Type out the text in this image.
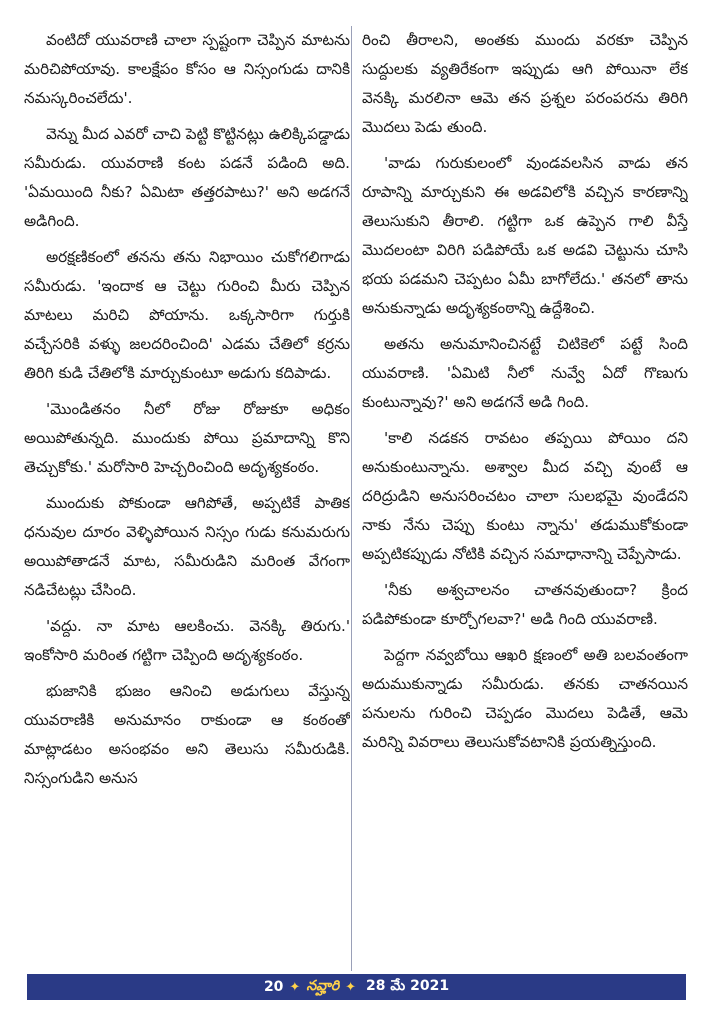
వంటిదో యువరాణి చాలా స్పష్టంగా చెప్పిన మాటను మరిచిపోయావు. కాలక్షేపం కోసం ఆ నిస్సంగుడు దానికి నమస్కరించలేదు'.

వెన్ను మీద ఎవరో చాచి పెట్టి కొట్టినట్లు ఉలిక్కిపడ్డాడు సమీరుడు. యువరాణి కంట పడనే పడింది అది. 'ఏమయింది నీకు? ఏమిటా తత్తరపాటు?' అని అడగనే అడిగింది.

అరక్షణికంలో తనను తను నిభాయిం చుకోగలిగాడు సమీరుడు. 'ఇందాక ఆ చెట్టు గురించి మీరు చెప్పిన మాటలు మరిచి పోయాను. ఒక్కసారిగా గుర్తుకి వచ్చేసరికి వళ్ళు జలదరించింది' ఎడమ చేతిలో కర్రను తిరిగి కుడి చేతిలోకి మార్చుకుంటూ అడుగు కదిపాడు.

'మొండితనం నీలో రోజు రోజుకూ అధికం అయిపోతున్నది. ముందుకు పోయి ప్రమాదాన్ని కొని తెచ్చుకోకు.' మరోసారి హెచ్చరించింది అదృశ్యకంఠం.

ముందుకు పోకుండా ఆగిపోతే, అప్పటికే పాతిక ధనువుల దూరం వెళ్ళిపోయిన నిస్సం గుడు కనుమరుగు అయిపోతాడనే మాట, సమీరుడిని మరింత వేగంగా నడిచేటట్లు చేసింది.

'వద్దు. నా మాట ఆలకించు. వెనక్కి తిరుగు.' ఇంకోసారి మరింత గట్టిగా చెప్పింది అదృశ్యకంఠం.

భుజానికి భుజం ఆనించి అడుగులు వేస్తున్న యువరాణికి అనుమానం రాకుండా ఆ కంఠంతో మాట్లాడటం అసంభవం అని తెలుసు సమీరుడికి. నిస్సంగుడిని అనుస

రించి తీరాలని, అంతకు ముందు వరకూ చెప్పిన సుద్దులకు వ్యతిరేకంగా ఇప్పుడు ఆగి పోయినా లేక వెనక్కి మరలినా ఆమె తన ప్రశ్నల పరంపరను తిరిగి మొదలు పెడు తుంది.

'వాడు గురుకులంలో వుండవలసిన వాడు తన రూపాన్ని మార్చుకుని ఈ అడవిలోకి వచ్చిన కారణాన్ని తెలుసుకుని తీరాలి. గట్టిగా ఒక ఉప్పెన గాలి వీస్తే మొదలంటా విరిగి పడిపోయే ఒక అడవి చెట్టును చూసి భయ పడమని చెప్పటం ఏమీ బాగోలేదు.' తనలో తాను అనుకున్నాడు అదృశ్యకంఠాన్ని ఉద్దేశించి.

అతను అనుమానించినట్టే చిటికెలో పట్టే సింది యువరాణి. 'ఏమిటి నీలో నువ్వే ఏదో గొణుగు కుంటున్నావు?' అని అడగనే అడి గింది.

'కాలి నడకన రావటం తప్పయి పోయిం దని అనుకుంటున్నాను. అశ్వాల మీద వచ్చి వుంటే ఆ దరిద్రుడిని అనుసరించటం చాలా సులభమై వుండేదని నాకు నేను చెప్పు కుంటు న్నాను' తడుముకోకుండా అప్పటికప్పుడు నోటికి వచ్చిన సమాధానాన్ని చెప్పేసాడు.

'నీకు అశ్వచాలనం చాతనవుతుందా? క్రింద పడిపోకుండా కూర్చోగలవా?' అడి గింది యువరాణి.

పెద్దగా నవ్వబోయి ఆఖరి క్షణంలో అతి బలవంతంగా అదుముకున్నాడు సమీరుడు. తనకు చాతనయిన పనులను గురించి చెప్పడం మొదలు పెడితే, ఆమె మరిన్ని వివరాలు తెలుసుకోవటానికి ప్రయత్నిస్తుంది.

20 ✦ నవ్హారి ✦ 28 మే 2021
